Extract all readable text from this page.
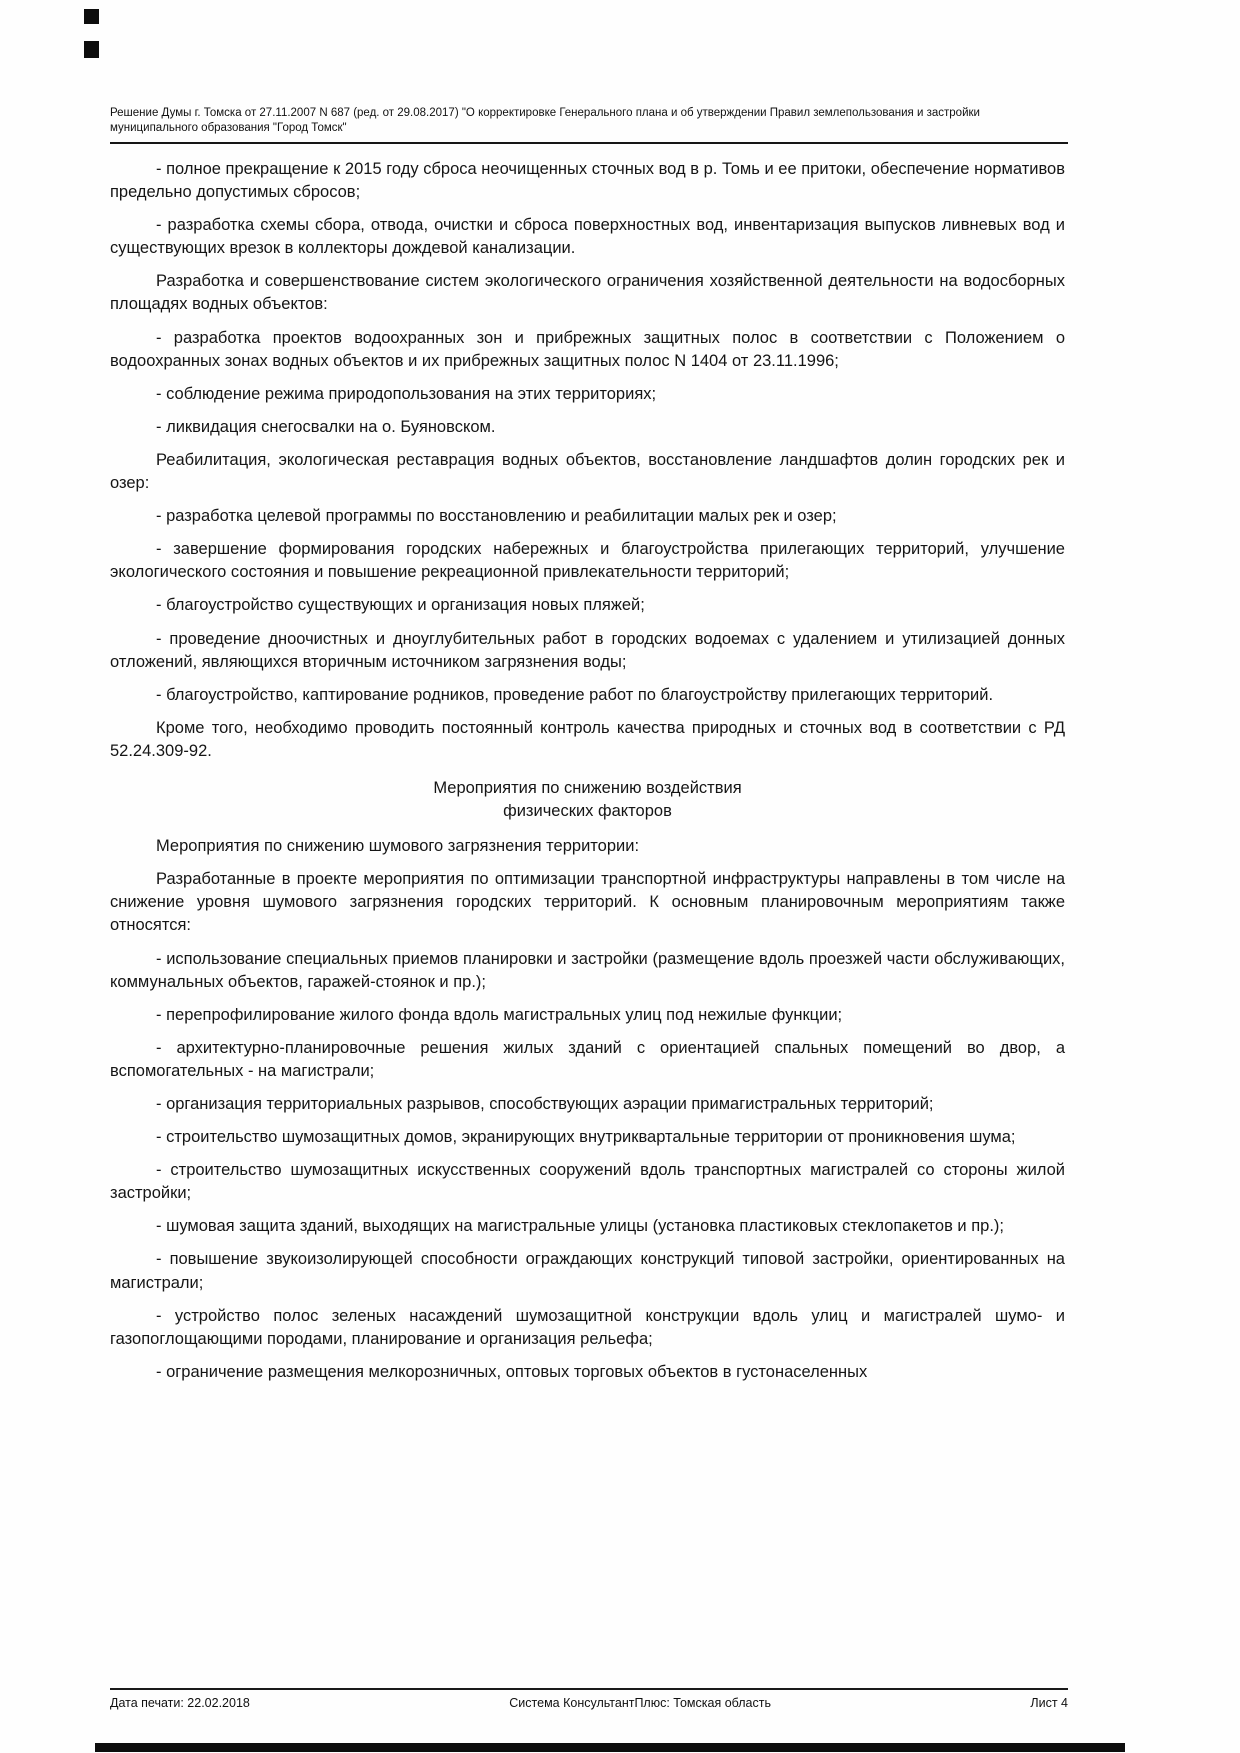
Решение Думы г. Томска от 27.11.2007 N 687 (ред. от 29.08.2017) "О корректировке Генерального плана и об утверждении Правил землепользования и застройки муниципального образования "Город Томск"

- полное прекращение к 2015 году сброса неочищенных сточных вод в р. Томь и ее притоки, обеспечение нормативов предельно допустимых сбросов;

- разработка схемы сбора, отвода, очистки и сброса поверхностных вод, инвентаризация выпусков ливневых вод и существующих врезок в коллекторы дождевой канализации.

Разработка и совершенствование систем экологического ограничения хозяйственной деятельности на водосборных площадях водных объектов:

- разработка проектов водоохранных зон и прибрежных защитных полос в соответствии с Положением о водоохранных зонах водных объектов и их прибрежных защитных полос N 1404 от 23.11.1996;

- соблюдение режима природопользования на этих территориях;

- ликвидация снегосвалки на о. Буяновском.

Реабилитация, экологическая реставрация водных объектов, восстановление ландшафтов долин городских рек и озер:

- разработка целевой программы по восстановлению и реабилитации малых рек и озер;

- завершение формирования городских набережных и благоустройства прилегающих территорий, улучшение экологического состояния и повышение рекреационной привлекательности территорий;

- благоустройство существующих и организация новых пляжей;

- проведение дноочистных и дноуглубительных работ в городских водоемах с удалением и утилизацией донных отложений, являющихся вторичным источником загрязнения воды;

- благоустройство, каптирование родников, проведение работ по благоустройству прилегающих территорий.

Кроме того, необходимо проводить постоянный контроль качества природных и сточных вод в соответствии с РД 52.24.309-92.

Мероприятия по снижению воздействия
физических факторов

Мероприятия по снижению шумового загрязнения территории:

Разработанные в проекте мероприятия по оптимизации транспортной инфраструктуры направлены в том числе на снижение уровня шумового загрязнения городских территорий. К основным планировочным мероприятиям также относятся:

- использование специальных приемов планировки и застройки (размещение вдоль проезжей части обслуживающих, коммунальных объектов, гаражей-стоянок и пр.);

- перепрофилирование жилого фонда вдоль магистральных улиц под нежилые функции;

- архитектурно-планировочные решения жилых зданий с ориентацией спальных помещений во двор, а вспомогательных - на магистрали;

- организация территориальных разрывов, способствующих аэрации примагистральных территорий;

- строительство шумозащитных домов, экранирующих внутриквартальные территории от проникновения шума;

- строительство шумозащитных искусственных сооружений вдоль транспортных магистралей со стороны жилой застройки;

- шумовая защита зданий, выходящих на магистральные улицы (установка пластиковых стеклопакетов и пр.);

- повышение звукоизолирующей способности ограждающих конструкций типовой застройки, ориентированных на магистрали;

- устройство полос зеленых насаждений шумозащитной конструкции вдоль улиц и магистралей шумо- и газопоглощающими породами, планирование и организация рельефа;

- ограничение размещения мелкорозничных, оптовых торговых объектов в густонаселенных

Дата печати: 22.02.2018	Система КонсультантПлюс: Томская область	Лист 4
